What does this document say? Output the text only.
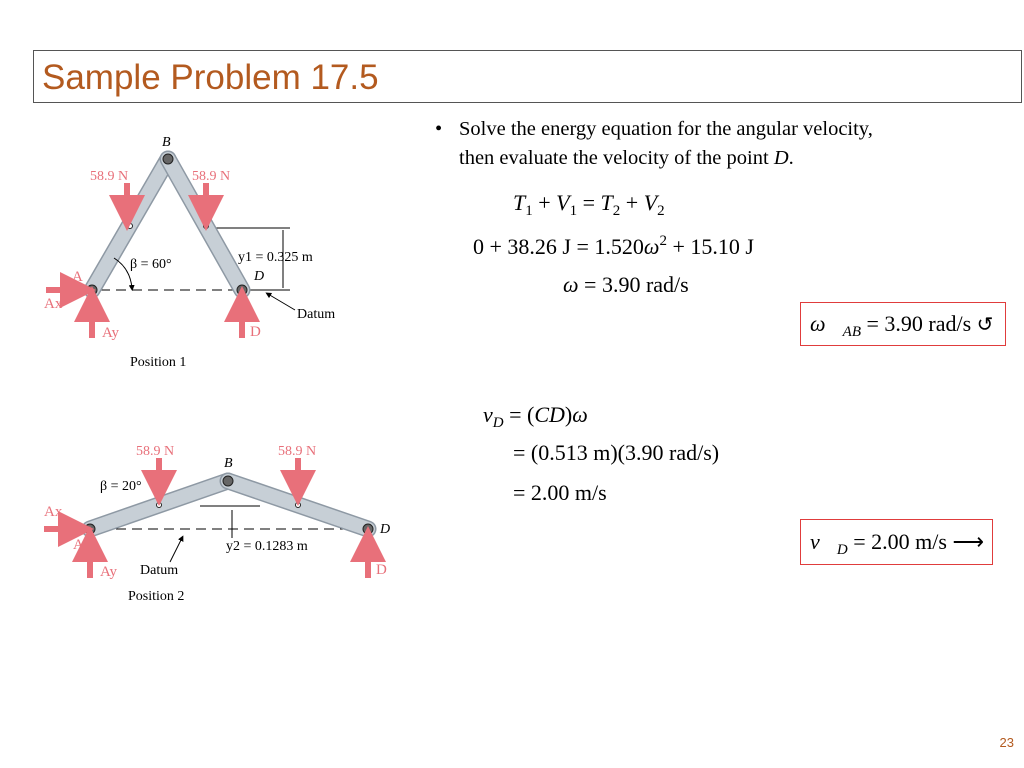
Sample Problem 17.5
58.9 N	58.9 N
B
A	D
β = 60°	y1 = 0.325 m
Datum
Ax
Ay	D
Position 1
58.9 N	58.9 N
B
A
D
β = 20°
y2 = 0.1283 m
Datum
Ax
Ay	D
Position 2
• Solve the energy equation for the angular velocity,
then evaluate the velocity of the point D.
$T_1 + V_1 = T_2 + V_2$
0 + 38.26 $J = 1.520\omega^2 + 15.10$ J
ω = 3.90 rad/s
$\omega⃗_{AB} = 3.90$ rad/s ↺
$v_D = (CD)\omega$
= (0.513 m)(3.90 rad/s)
= 2.00 m/s
$v⃗_D = 2.00$ m/s ⟶
23
